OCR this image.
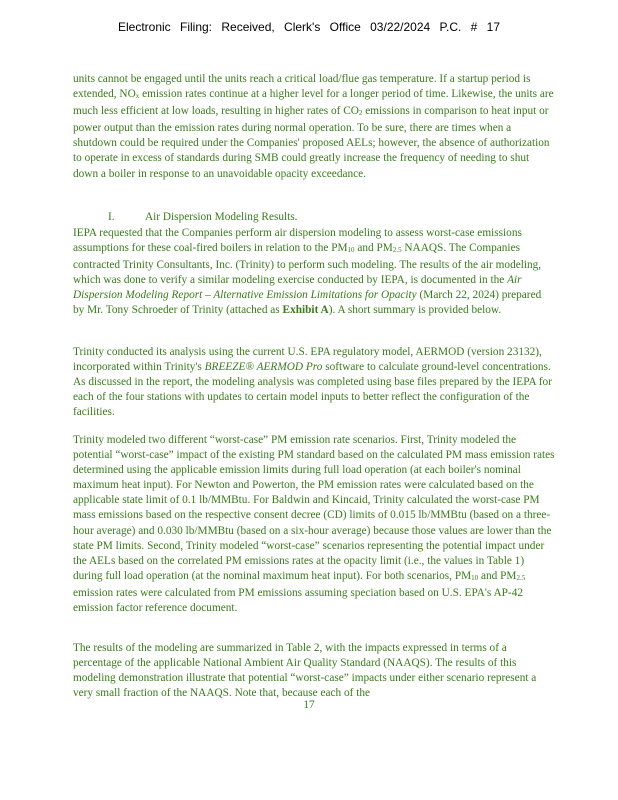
Electronic Filing: Received, Clerk's Office 03/22/2024 P.C. # 17

units cannot be engaged until the units reach a critical load/flue gas temperature. If a startup period is extended, $NO_x$ emission rates continue at a higher level for a longer period of time. Likewise, the units are much less efficient at low loads, resulting in higher rates of $CO_2$ emissions in comparison to heat input or power output than the emission rates during normal operation. To be sure, there are times when a shutdown could be required under the Companies' proposed AELs; however, the absence of authorization to operate in excess of standards during SMB could greatly increase the frequency of needing to shut down a boiler in response to an unavoidable opacity exceedance.

I.	Air Dispersion Modeling Results.

IEPA requested that the Companies perform air dispersion modeling to assess worst-case emissions assumptions for these coal-fired boilers in relation to the $PM_{10}$ and $PM_{2.5}$ NAAQS. The Companies contracted Trinity Consultants, Inc. (Trinity) to perform such modeling. The results of the air modeling, which was done to verify a similar modeling exercise conducted by IEPA, is documented in the Air Dispersion Modeling Report – Alternative Emission Limitations for Opacity (March 22, 2024) prepared by Mr. Tony Schroeder of Trinity (attached as Exhibit A). A short summary is provided below.

Trinity conducted its analysis using the current U.S. EPA regulatory model, AERMOD (version 23132), incorporated within Trinity's BREEZE® AERMOD Pro software to calculate ground-level concentrations. As discussed in the report, the modeling analysis was completed using base files prepared by the IEPA for each of the four stations with updates to certain model inputs to better reflect the configuration of the facilities.

Trinity modeled two different “worst-case” PM emission rate scenarios. First, Trinity modeled the potential “worst-case” impact of the existing PM standard based on the calculated PM mass emission rates determined using the applicable emission limits during full load operation (at each boiler's nominal maximum heat input). For Newton and Powerton, the PM emission rates were calculated based on the applicable state limit of 0.1 lb/MMBtu. For Baldwin and Kincaid, Trinity calculated the worst-case PM mass emissions based on the respective consent decree (CD) limits of 0.015 lb/MMBtu (based on a three-hour average) and 0.030 lb/MMBtu (based on a six-hour average) because those values are lower than the state PM limits. Second, Trinity modeled “worst-case” scenarios representing the potential impact under the AELs based on the correlated PM emissions rates at the opacity limit (i.e., the values in Table 1) during full load operation (at the nominal maximum heat input). For both scenarios, $PM_{10}$ and $PM_{2.5}$ emission rates were calculated from PM emissions assuming speciation based on U.S. EPA's AP-42 emission factor reference document.

The results of the modeling are summarized in Table 2, with the impacts expressed in terms of a percentage of the applicable National Ambient Air Quality Standard (NAAQS). The results of this modeling demonstration illustrate that potential “worst-case” impacts under either scenario represent a very small fraction of the NAAQS. Note that, because each of the

17
